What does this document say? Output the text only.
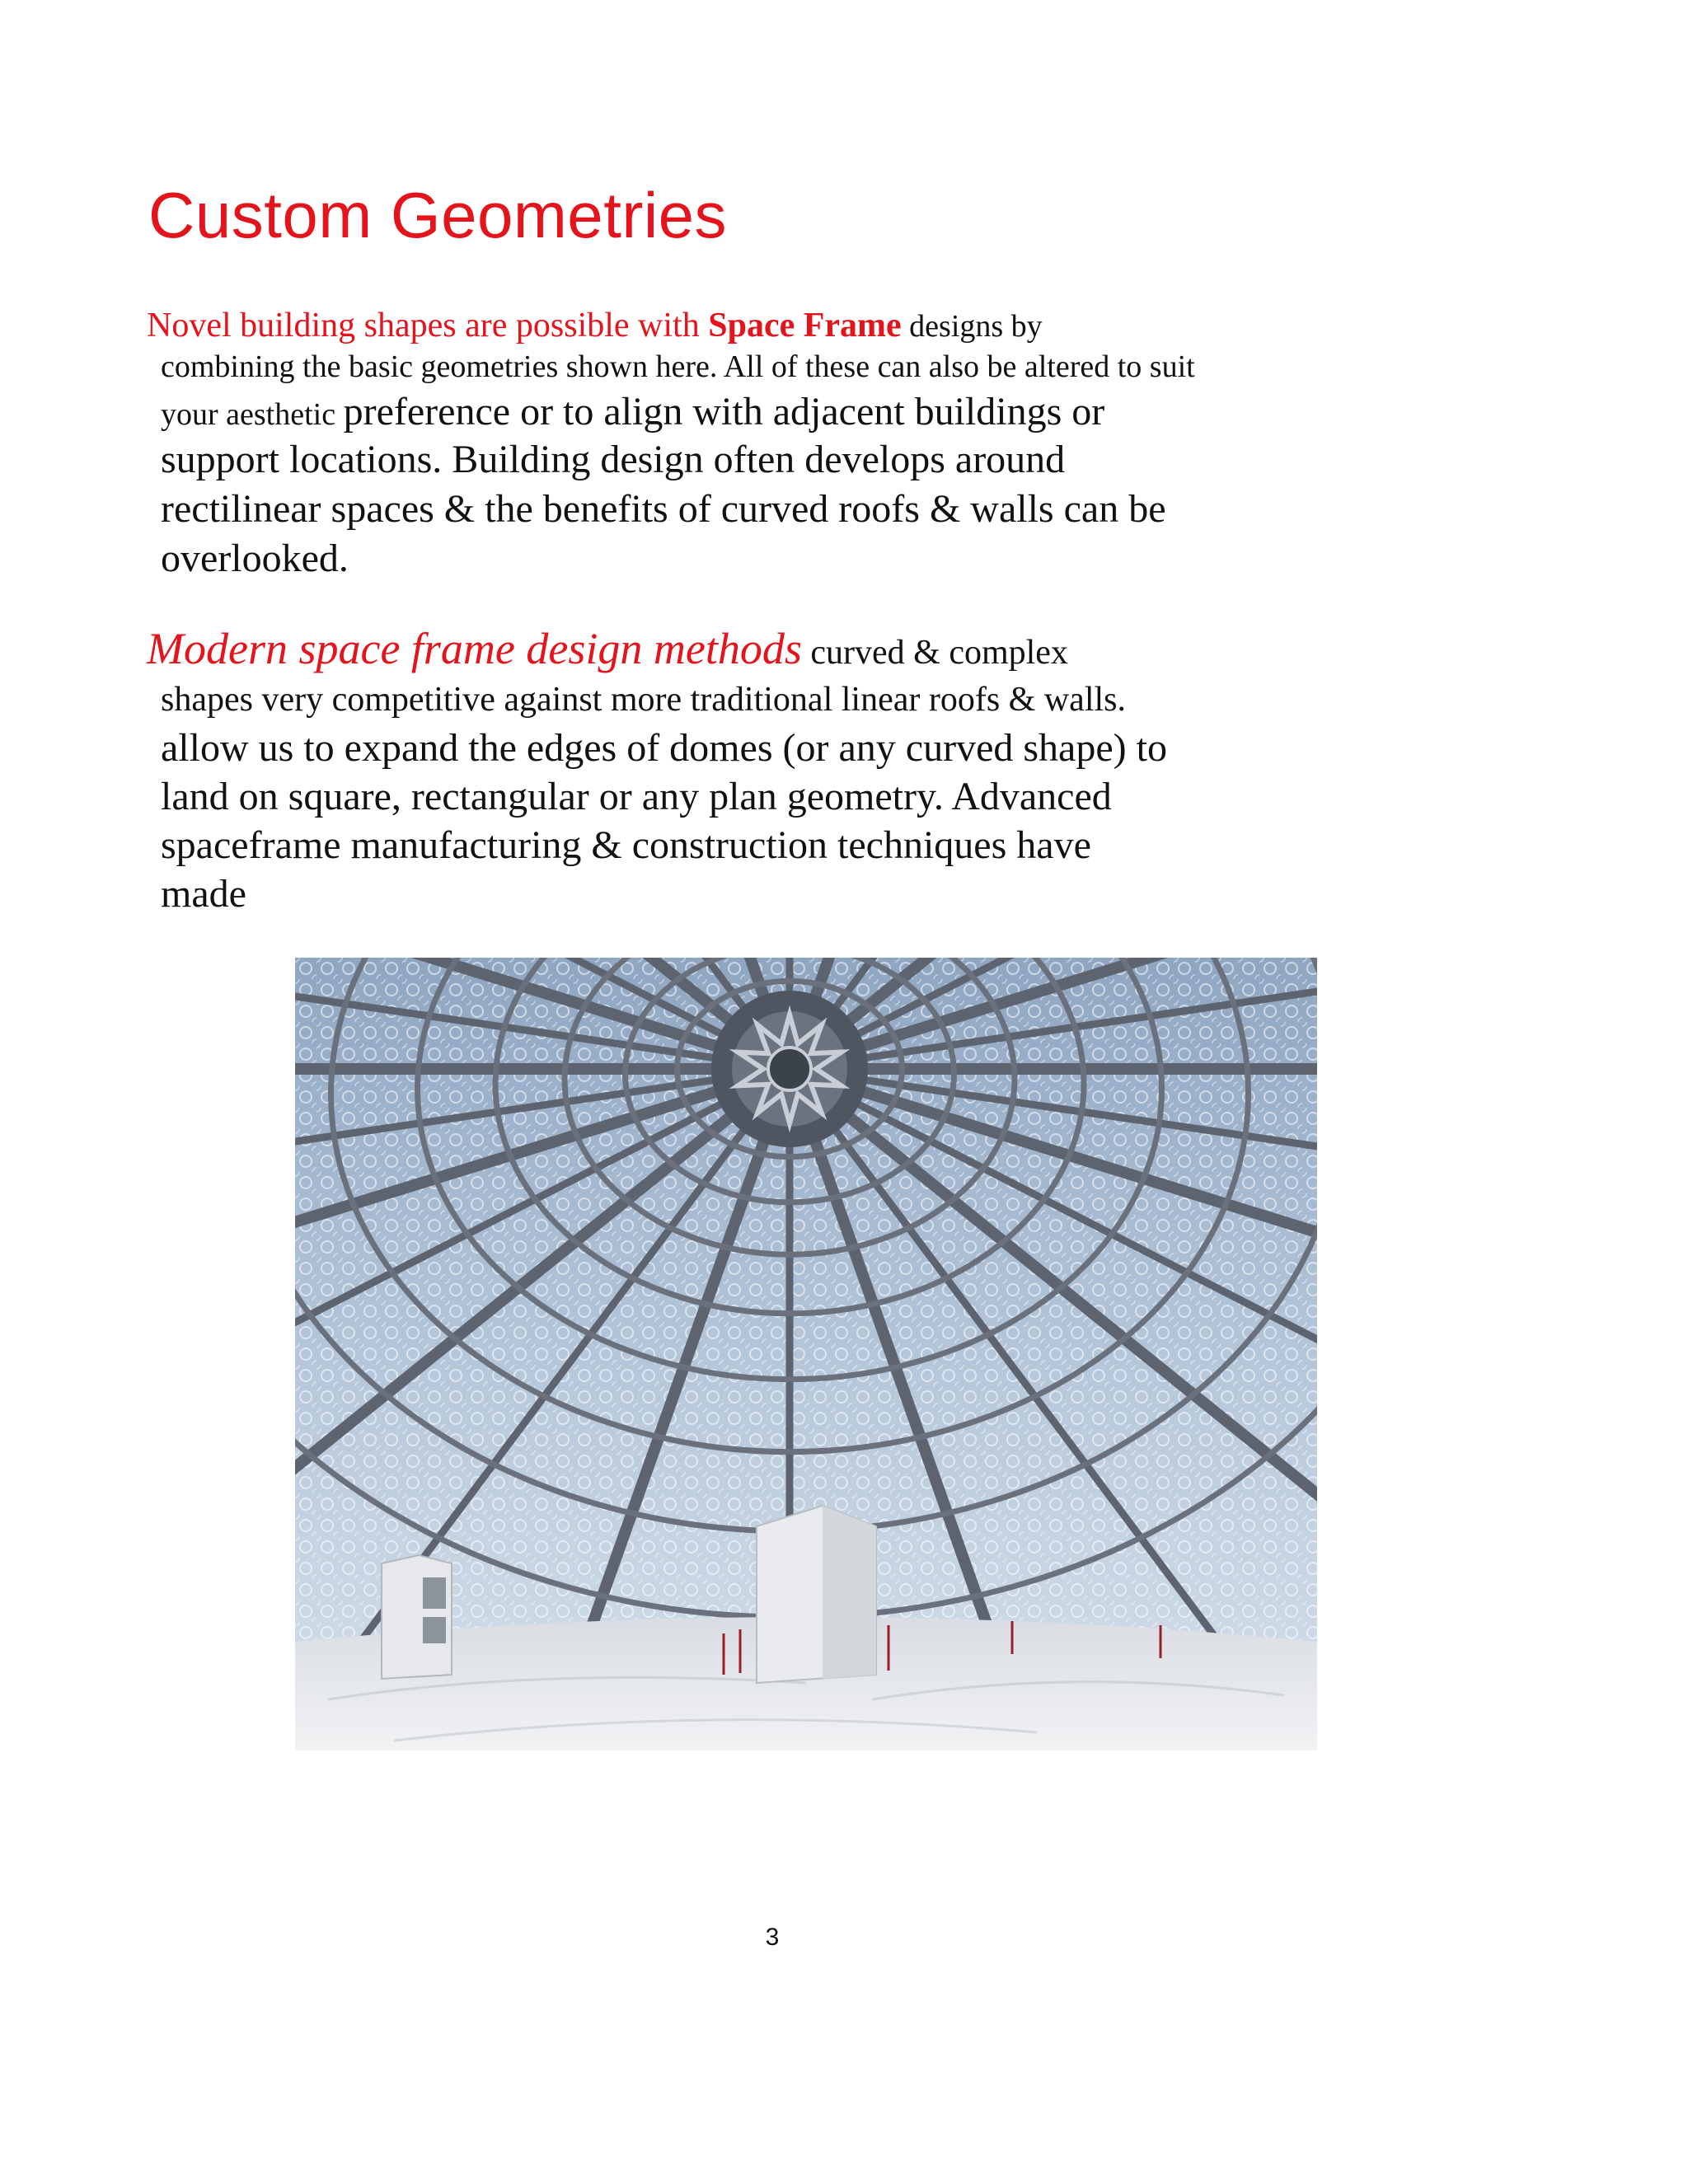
Custom Geometries
Novel building shapes are possible with Space Frame designs by
combining the basic geometries shown here. All of these can also be altered to suit
your aesthetic preference or to align with adjacent buildings or
support locations. Building design often develops around
rectilinear spaces & the benefits of curved roofs & walls can be
overlooked.
Modern space frame design methods curved & complex
shapes very competitive against more traditional linear roofs & walls.
allow us to expand the edges of domes (or any curved shape) to
land on square, rectangular or any plan geometry. Advanced
spaceframe manufacturing & construction techniques have
made
3
